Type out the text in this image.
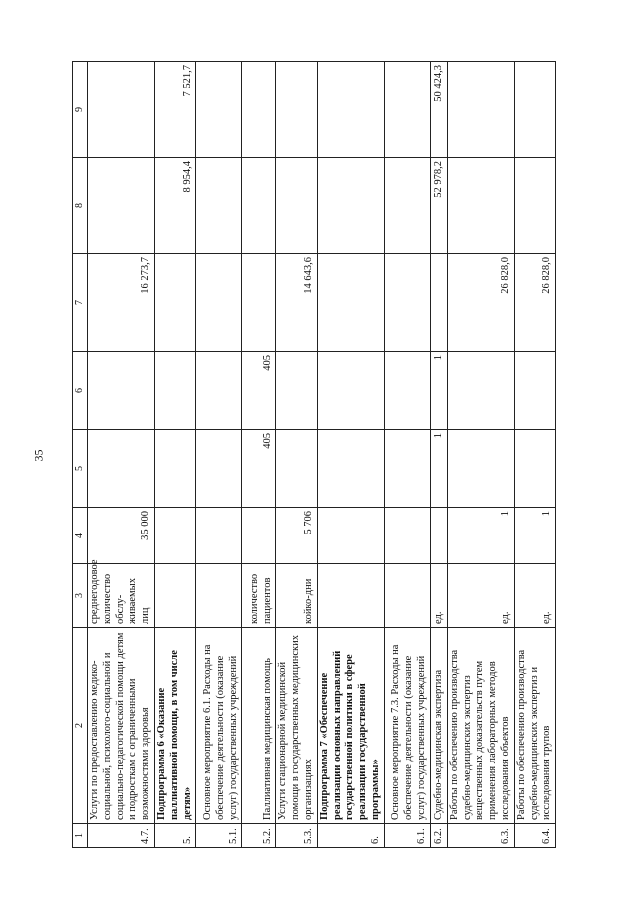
35
1	2	3	4	5	6	7	8	9
4.7.	Услуги по предоставлению медико-социальной, психолого-социальной и социально-педагогической помощи детям и подросткам с ограниченными возможностями здоровья	среднегодовое количество обслу-живаемых лиц	35 000			16 273,7		
5.	Подпрограмма 6 «Оказание паллиативной помощи, в том числе детям»						8 954,4	7 521,7
5.1.	Основное мероприятие 6.1. Расходы на обеспечение деятельности (оказание услуг) государственных учреждений							
5.2.	Паллиативная медицинская помощь	количество пациентов		405	405			
5.3.	Услуги стационарной медицинской помощи в государственных медицинских организациях	койко-дни	5 706			14 643,6		
6.	Подпрограмма 7 «Обеспечение реализации основных направлений государственной политики в сфере реализации государственной программы»							
6.1.	Основное мероприятие 7.3. Расходы на обеспечение деятельности (оказание услуг) государственных учреждений							
6.2.	Судебно-медицинская экспертиза	ед.		1	1		52 978,2	50 424,3
6.3.	Работы по обеспечению производства судебно-медицинских экспертиз вещественных доказательств путем применения лабораторных методов исследования объектов	ед.	1			26 828,0		
6.4.	Работы по обеспечению производства судебно-медицинских экспертиз и исследования трупов	ед.	1			26 828,0		
